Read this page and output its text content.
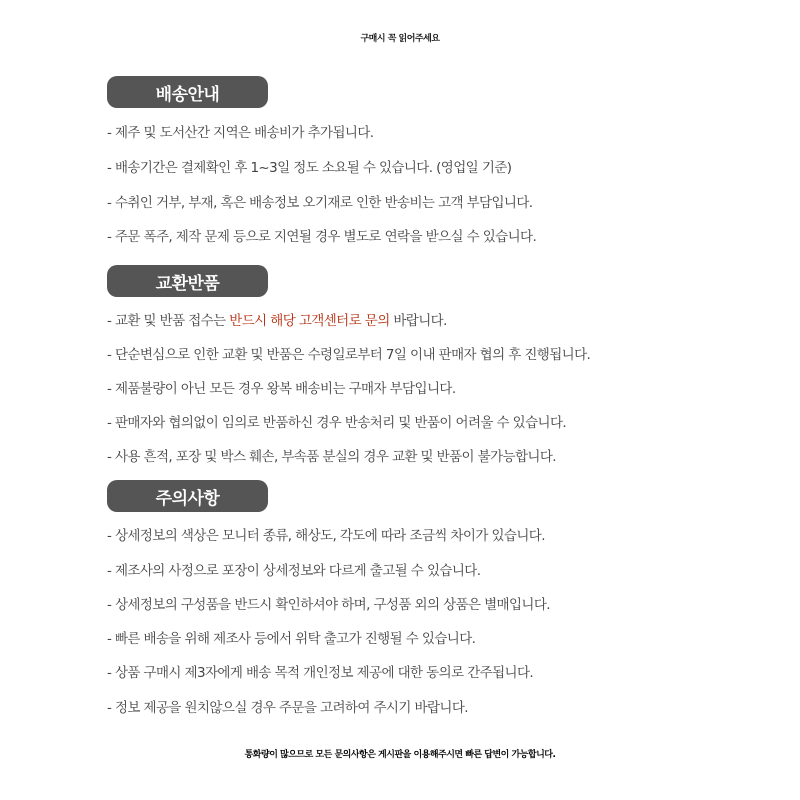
구매시 꼭 읽어주세요
배송안내
- 제주 및 도서산간 지역은 배송비가 추가됩니다.
- 배송기간은 결제확인 후 1~3일 정도 소요될 수 있습니다. (영업일 기준)
- 수취인 거부, 부재, 혹은 배송정보 오기재로 인한 반송비는 고객 부담입니다.
- 주문 폭주, 제작 문제 등으로 지연될 경우 별도로 연락을 받으실 수 있습니다.
교환반품
- 교환 및 반품 접수는 반드시 해당 고객센터로 문의 바랍니다.
- 단순변심으로 인한 교환 및 반품은 수령일로부터 7일 이내 판매자 협의 후 진행됩니다.
- 제품불량이 아닌 모든 경우 왕복 배송비는 구매자 부담입니다.
- 판매자와 협의없이 임의로 반품하신 경우 반송처리 및 반품이 어려울 수 있습니다.
- 사용 흔적, 포장 및 박스 훼손, 부속품 분실의 경우 교환 및 반품이 불가능합니다.
주의사항
- 상세정보의 색상은 모니터 종류, 해상도, 각도에 따라 조금씩 차이가 있습니다.
- 제조사의 사정으로 포장이 상세정보와 다르게 출고될 수 있습니다.
- 상세정보의 구성품을 반드시 확인하셔야 하며, 구성품 외의 상품은 별매입니다.
- 빠른 배송을 위해 제조사 등에서 위탁 출고가 진행될 수 있습니다.
- 상품 구매시 제3자에게 배송 목적 개인정보 제공에 대한 동의로 간주됩니다.
- 정보 제공을 원치않으실 경우 주문을 고려하여 주시기 바랍니다.
통화량이 많으므로 모든 문의사항은 게시판을 이용해주시면 빠른 답변이 가능합니다.
